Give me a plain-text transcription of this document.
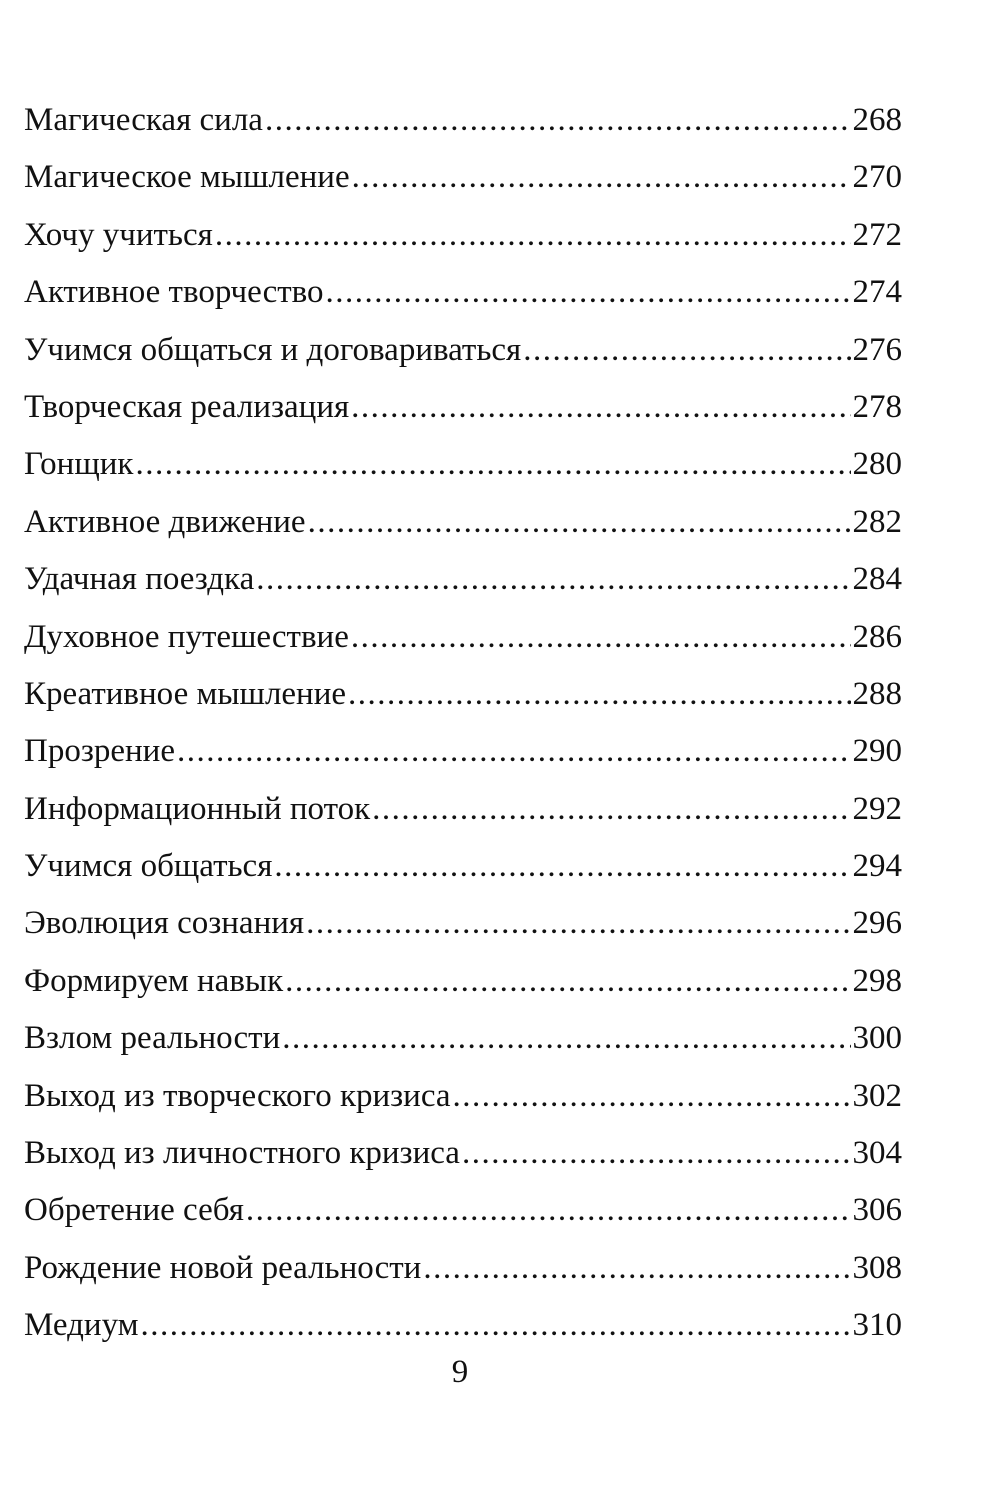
Магическая сила .....	268
Магическое мышление .....	270
Хочу учиться .....	272
Активное творчество .....	274
Учимся общаться и договариваться .....	276
Творческая реализация .....	278
Гонщик .....	280
Активное движение .....	282
Удачная поездка .....	284
Духовное путешествие .....	286
Креативное мышление .....	288
Прозрение .....	290
Информационный поток .....	292
Учимся общаться .....	294
Эволюция сознания .....	296
Формируем навык .....	298
Взлом реальности .....	300
Выход из творческого кризиса .....	302
Выход из личностного кризиса .....	304
Обретение себя .....	306
Рождение новой реальности .....	308
Медиум .....	310
9
